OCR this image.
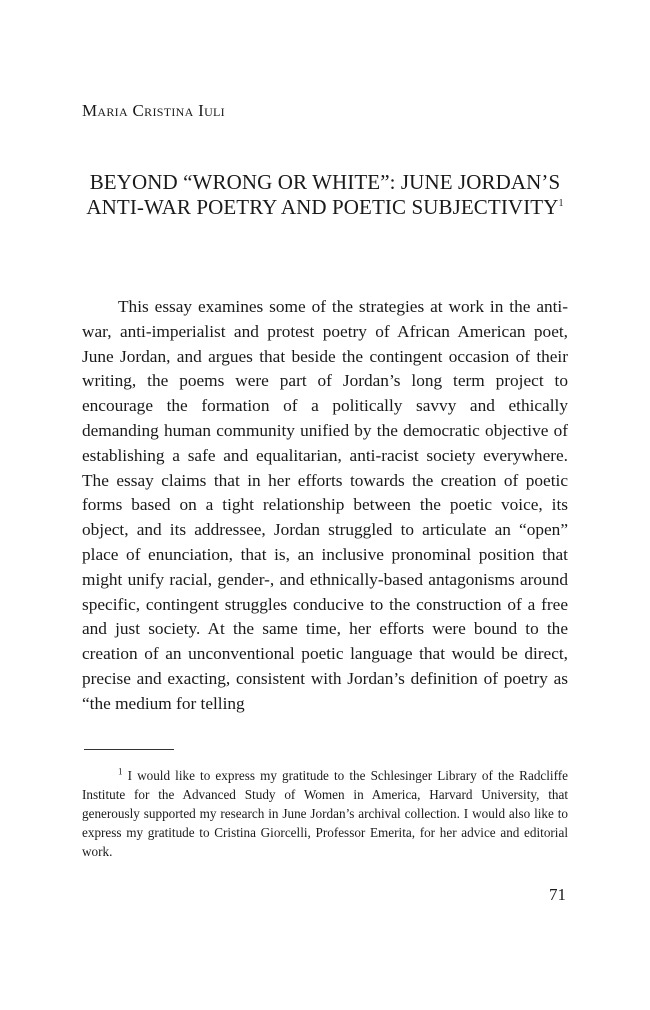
Maria Cristina Iuli

BEYOND “WRONG OR WHITE”: JUNE JORDAN’S ANTI-WAR POETRY AND POETIC SUBJECTIVITY$^1$

This essay examines some of the strategies at work in the anti-war, anti-imperialist and protest poetry of African American poet, June Jordan, and argues that beside the contingent occasion of their writing, the poems were part of Jordan’s long term project to encourage the formation of a politically savvy and ethically demanding human community unified by the democratic objective of establishing a safe and equalitarian, anti-racist society everywhere. The essay claims that in her efforts towards the creation of poetic forms based on a tight relationship between the poetic voice, its object, and its addressee, Jordan struggled to articulate an “open” place of enunciation, that is, an inclusive pronominal position that might unify racial, gender-, and ethnically-based antagonisms around specific, contingent struggles conducive to the construction of a free and just society. At the same time, her efforts were bound to the creation of an unconventional poetic language that would be direct, precise and exacting, consistent with Jordan’s definition of poetry as “the medium for telling

$^1$ I would like to express my gratitude to the Schlesinger Library of the Radcliffe Institute for the Advanced Study of Women in America, Harvard University, that generously supported my research in June Jordan’s archival collection. I would also like to express my gratitude to Cristina Giorcelli, Professor Emerita, for her advice and editorial work.

71
